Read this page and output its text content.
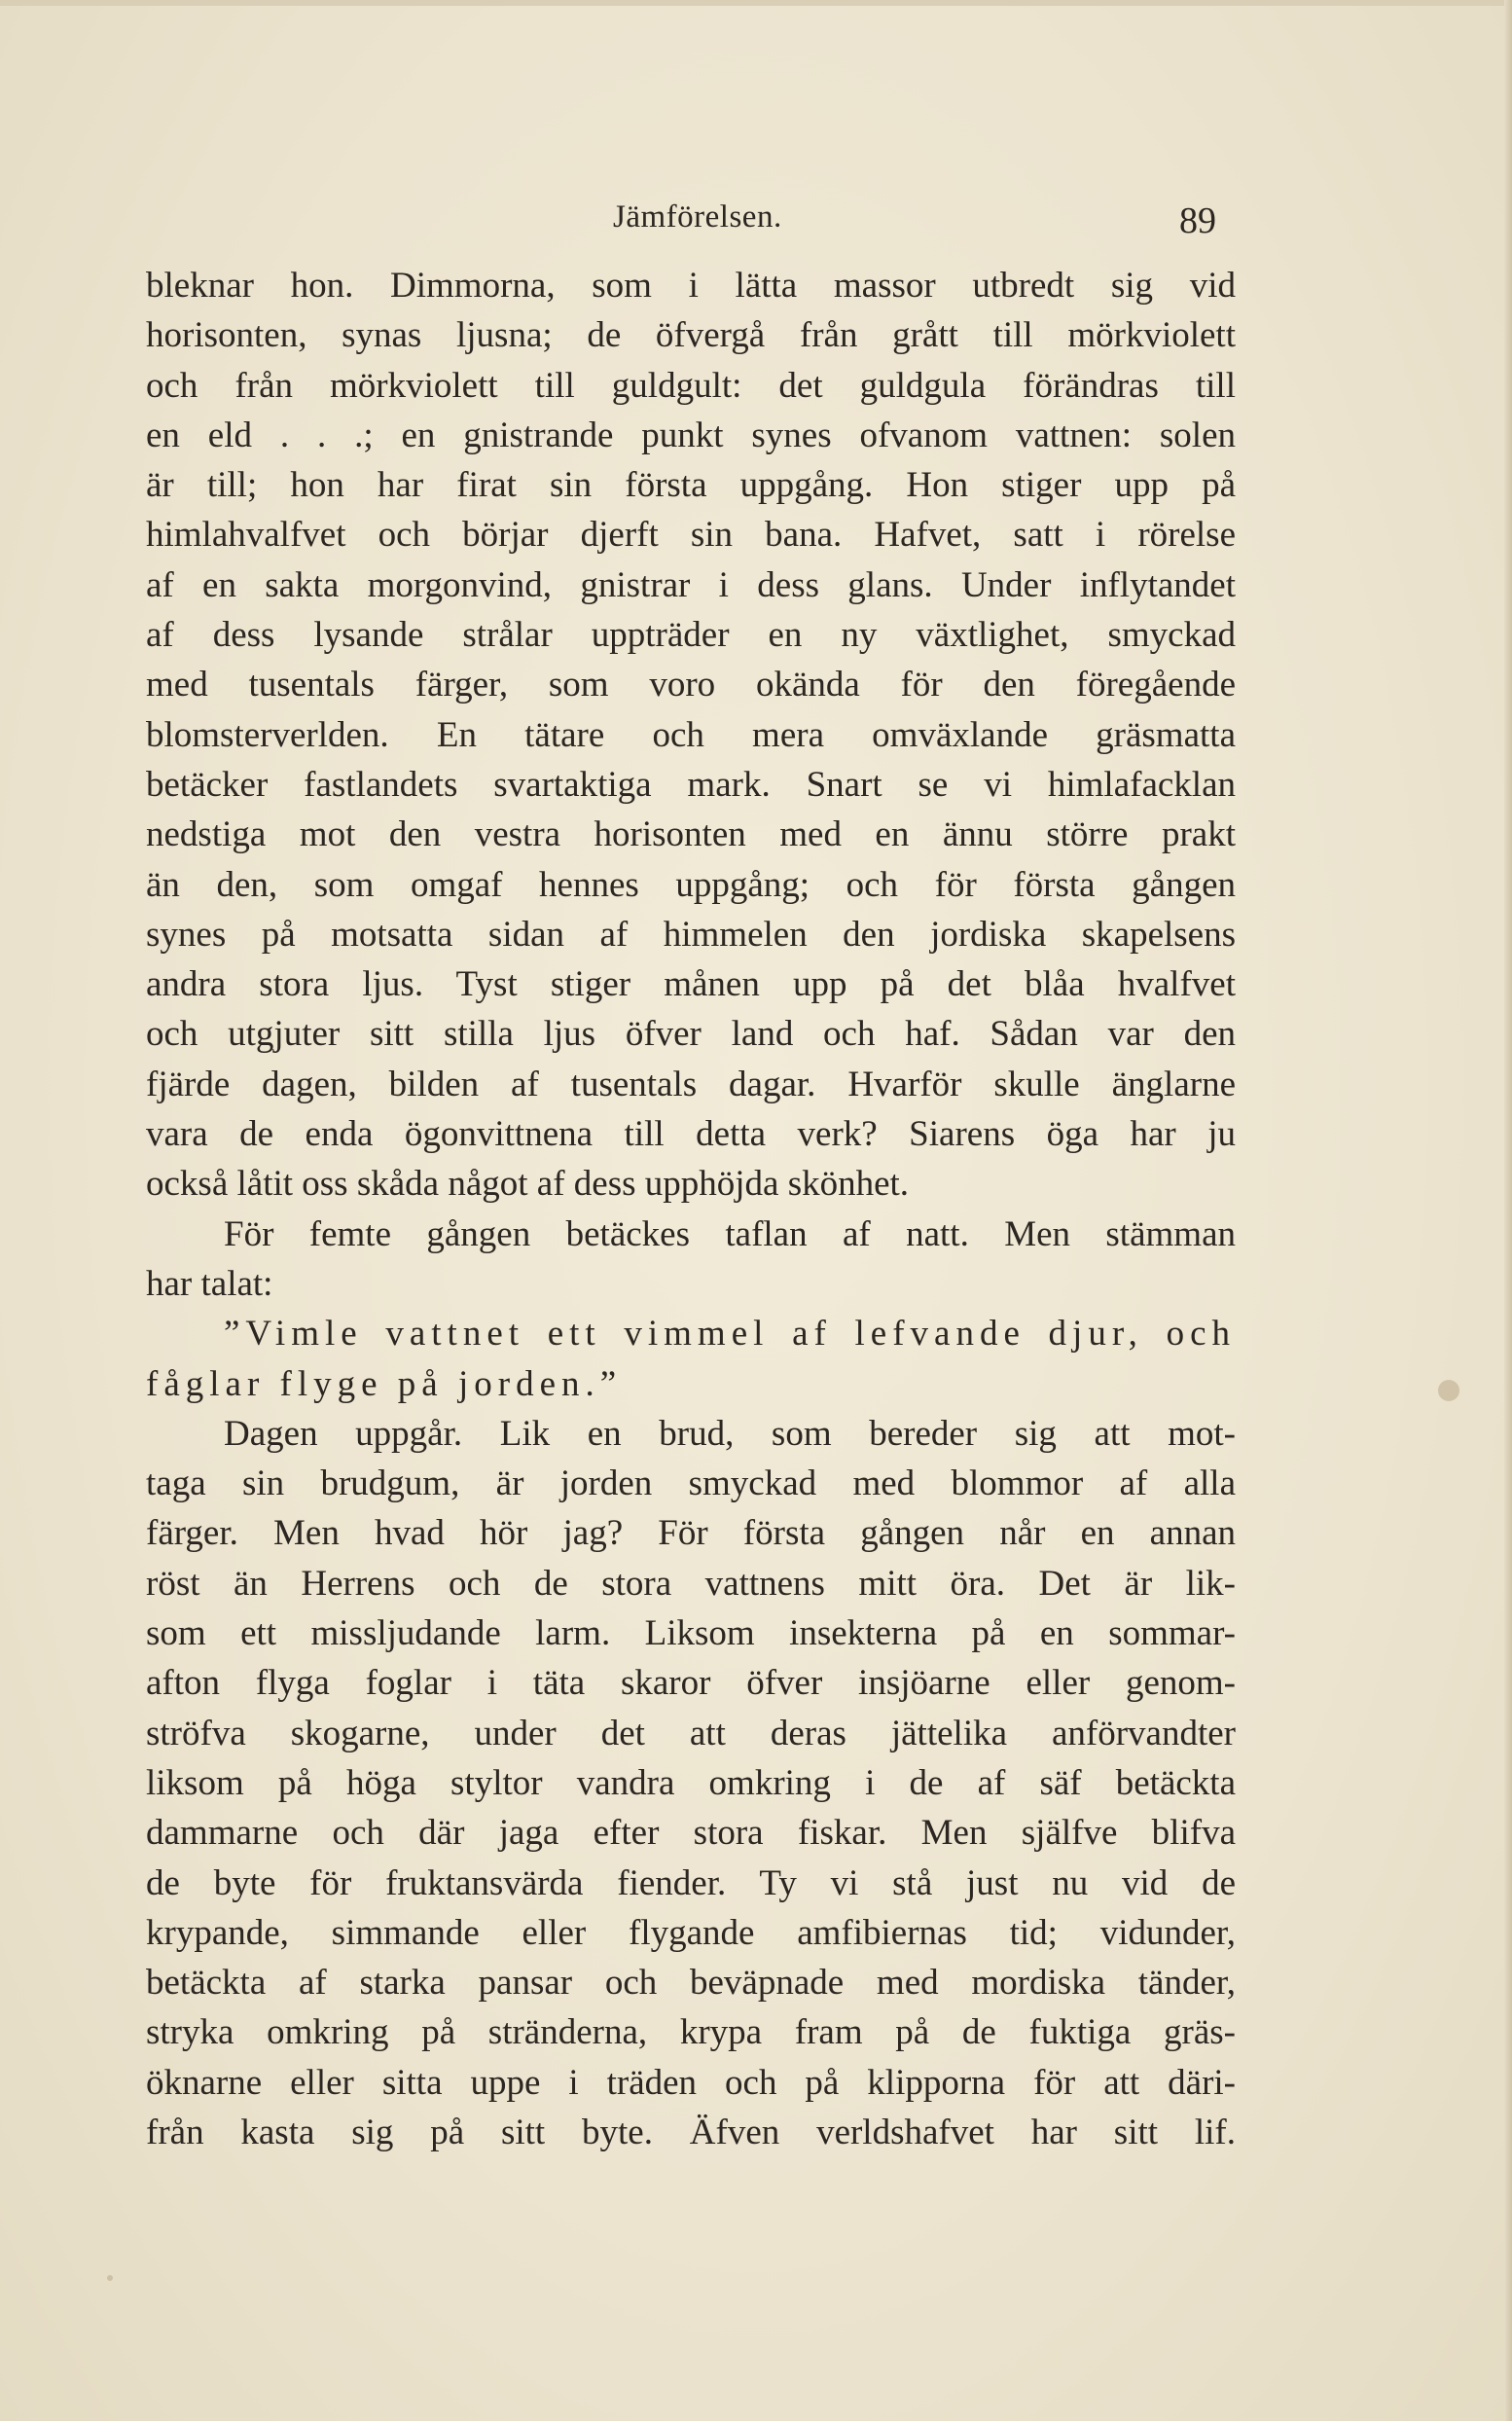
Jämförelsen.	89
bleknar hon. Dimmorna, som i lätta massor utbredt sig vid
horisonten, synas ljusna; de öfvergå från grått till mörkviolett
och från mörkviolett till guldgult: det guldgula förändras till
en eld . . .; en gnistrande punkt synes ofvanom vattnen: solen
är till; hon har firat sin första uppgång. Hon stiger upp på
himlahvalfvet och börjar djerft sin bana. Hafvet, satt i rörelse
af en sakta morgonvind, gnistrar i dess glans. Under inflytandet
af dess lysande strålar uppträder en ny växtlighet, smyckad
med tusentals färger, som voro okända för den föregående
blomsterverlden. En tätare och mera omväxlande gräsmatta
betäcker fastlandets svartaktiga mark. Snart se vi himlafacklan
nedstiga mot den vestra horisonten med en ännu större prakt
än den, som omgaf hennes uppgång; och för första gången
synes på motsatta sidan af himmelen den jordiska skapelsens
andra stora ljus. Tyst stiger månen upp på det blåa hvalfvet
och utgjuter sitt stilla ljus öfver land och haf. Sådan var den
fjärde dagen, bilden af tusentals dagar. Hvarför skulle änglarne
vara de enda ögonvittnena till detta verk? Siarens öga har ju
också låtit oss skåda något af dess upphöjda skönhet.
För femte gången betäckes taflan af natt. Men stämman
har talat:
”Vimle vattnet ett vimmel af lefvande djur, och
fåglar flyge på jorden.”
Dagen uppgår. Lik en brud, som bereder sig att mot-
taga sin brudgum, är jorden smyckad med blommor af alla
färger. Men hvad hör jag? För första gången når en annan
röst än Herrens och de stora vattnens mitt öra. Det är lik-
som ett missljudande larm. Liksom insekterna på en sommar-
afton flyga foglar i täta skaror öfver insjöarne eller genom-
ströfva skogarne, under det att deras jättelika anförvandter
liksom på höga styltor vandra omkring i de af säf betäckta
dammarne och där jaga efter stora fiskar. Men själfve blifva
de byte för fruktansvärda fiender. Ty vi stå just nu vid de
krypande, simmande eller flygande amfibiernas tid; vidunder,
betäckta af starka pansar och beväpnade med mordiska tänder,
stryka omkring på stränderna, krypa fram på de fuktiga gräs-
öknarne eller sitta uppe i träden och på klipporna för att däri-
från kasta sig på sitt byte. Äfven verldshafvet har sitt lif.
